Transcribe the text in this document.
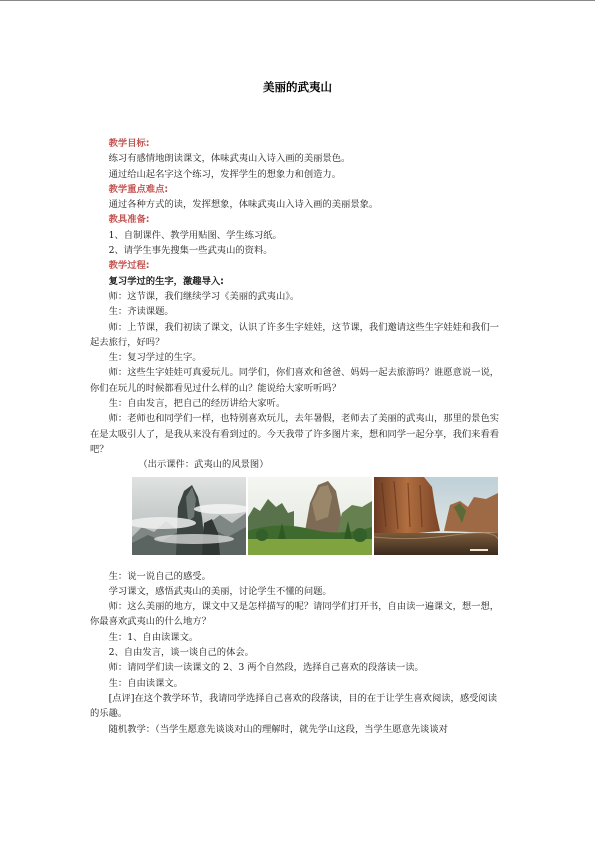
美丽的武夷山

教学目标:

练习有感情地朗读课文，体味武夷山入诗入画的美丽景色。

通过给山起名字这个练习，发挥学生的想象力和创造力。

教学重点难点:

通过各种方式的读，发挥想象，体味武夷山入诗入画的美丽景象。

教具准备:

1、自制课件、教学用贴图、学生练习纸。

2、请学生事先搜集一些武夷山的资料。

教学过程:

复习学过的生字，激趣导入:

师：这节课，我们继续学习《美丽的武夷山》。

生：齐读课题。

师：上节课，我们初读了课文，认识了许多生字娃娃，这节课，我们邀请这些生字娃娃和我们一起去旅行，好吗？

生：复习学过的生字。

师：这些生字娃娃可真爱玩儿。同学们，你们喜欢和爸爸、妈妈一起去旅游吗？谁愿意说一说，你们在玩儿的时候都看见过什么样的山？能说给大家听听吗？

生：自由发言，把自己的经历讲给大家听。

师：老师也和同学们一样，也特别喜欢玩儿，去年暑假，老师去了美丽的武夷山，那里的景色实在是太吸引人了，是我从来没有看到过的。今天我带了许多图片来，想和同学一起分享，我们来看看吧？

（出示课件：武夷山的风景图）

生：说一说自己的感受。

学习课文，感悟武夷山的美丽，讨论学生不懂的问题。

师：这么美丽的地方，课文中又是怎样描写的呢？请同学们打开书，自由读一遍课文，想一想，你最喜欢武夷山的什么地方？

生：1、自由读课文。

2、自由发言，谈一谈自己的体会。

师：请同学们读一读课文的 2、3 两个自然段，选择自己喜欢的段落读一读。

生：自由读课文。

[点评]在这个教学环节，我请同学选择自己喜欢的段落读，目的在于让学生喜欢阅读，感受阅读的乐趣。

随机教学：（当学生愿意先谈谈对山的理解时，就先学山这段，当学生愿意先谈谈对
